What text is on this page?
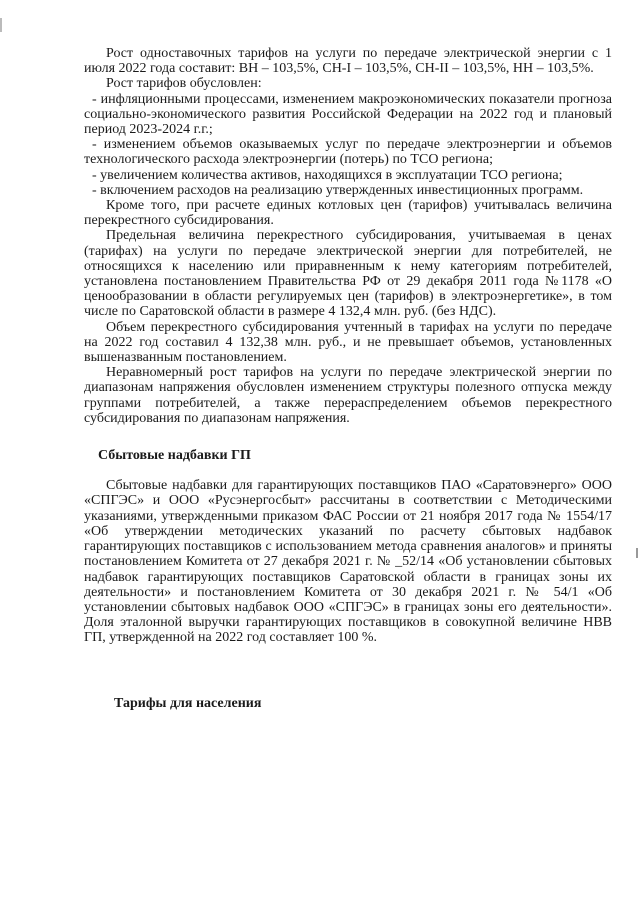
Рост одноставочных тарифов на услуги по передаче электрической энергии с 1 июля 2022 года составит: ВН – 103,5%, СН-I – 103,5%, СН-II – 103,5%, НН – 103,5%.

Рост тарифов обусловлен:

- инфляционными процессами, изменением макроэкономических показатели прогноза социально-экономического развития Российской Федерации на 2022 год и плановый период 2023-2024 г.г.;

- изменением объемов оказываемых услуг по передаче электроэнергии и объемов технологического расхода электроэнергии (потерь) по ТСО региона;

- увеличением количества активов, находящихся в эксплуатации ТСО региона;

- включением расходов на реализацию утвержденных инвестиционных программ.

Кроме того, при расчете единых котловых цен (тарифов) учитывалась величина перекрестного субсидирования.

Предельная величина перекрестного субсидирования, учитываемая в ценах (тарифах) на услуги по передаче электрической энергии для потребителей, не относящихся к населению или приравненным к нему категориям потребителей, установлена постановлением Правительства РФ от 29 декабря 2011 года №1178 «О ценообразовании в области регулируемых цен (тарифов) в электроэнергетике», в том числе по Саратовской области в размере 4 132,4 млн. руб. (без НДС).

Объем перекрестного субсидирования учтенный в тарифах на услуги по передаче на 2022 год составил 4 132,38 млн. руб., и не превышает объемов, установленных вышеназванным постановлением.

Неравномерный рост тарифов на услуги по передаче электрической энергии по диапазонам напряжения обусловлен изменением структуры полезного отпуска между группами потребителей, а также перераспределением объемов перекрестного субсидирования по диапазонам напряжения.

Сбытовые надбавки ГП

Сбытовые надбавки для гарантирующих поставщиков ПАО «Саратовэнерго» ООО «СПГЭС» и ООО «Русэнергосбыт» рассчитаны в соответствии с Методическими указаниями, утвержденными приказом ФАС России от 21 ноября 2017 года № 1554/17 «Об утверждении методических указаний по расчету сбытовых надбавок гарантирующих поставщиков с использованием метода сравнения аналогов» и приняты постановлением Комитета от 27 декабря 2021 г. № _52/14 «Об установлении сбытовых надбавок гарантирующих поставщиков Саратовской области в границах зоны их деятельности» и постановлением Комитета от 30 декабря 2021 г. № 54/1 «Об установлении сбытовых надбавок ООО «СПГЭС» в границах зоны его деятельности». Доля эталонной выручки гарантирующих поставщиков в совокупной величине НВВ ГП, утвержденной на 2022 год составляет 100 %.

Тарифы для населения
